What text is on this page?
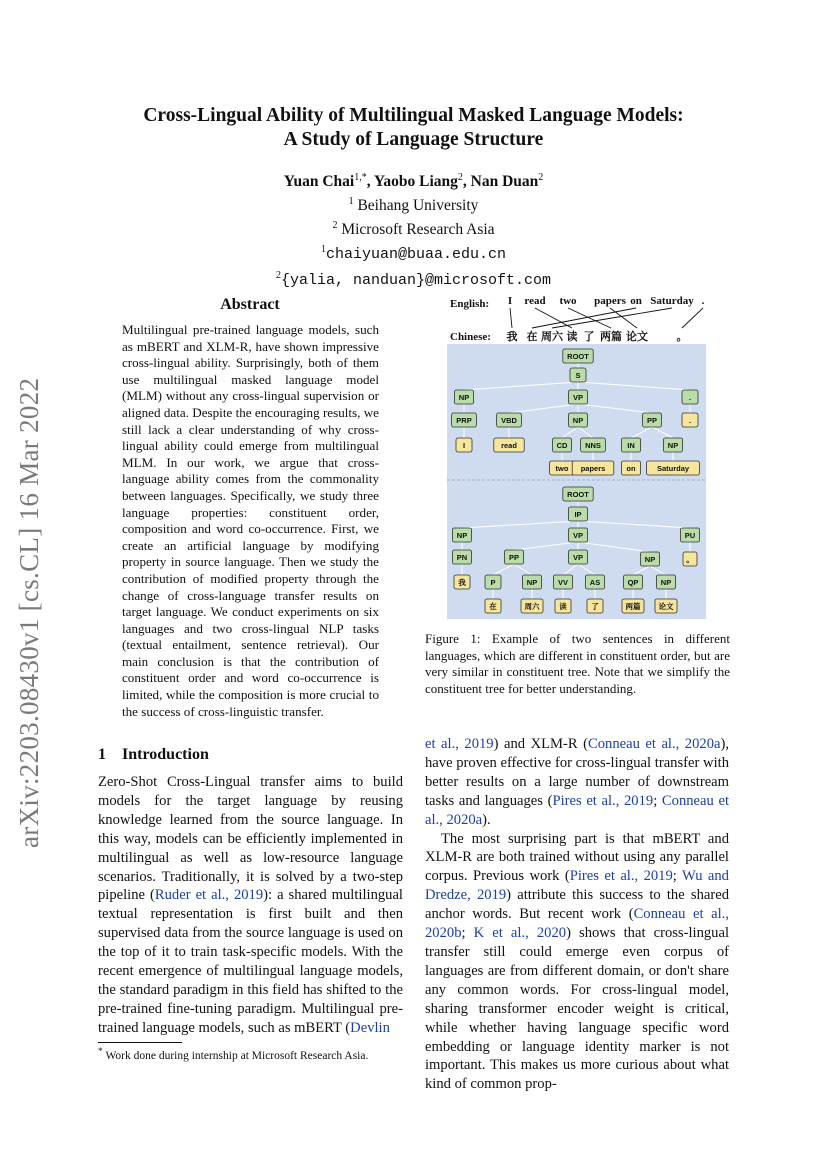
arXiv:2203.08430v1 [cs.CL] 16 Mar 2022
Cross-Lingual Ability of Multilingual Masked Language Models:
A Study of Language Structure
Yuan Chai$^{1,*}$, Yaobo Liang$^2$, Nan Duan$^2$
$^1$ Beihang University
$^2$ Microsoft Research Asia
$^1$chaiyuan@buaa.edu.cn
$^2${yalia, nanduan}@microsoft.com
Abstract
Multilingual pre-trained language models, such as mBERT and XLM-R, have shown impressive cross-lingual ability. Surprisingly, both of them use multilingual masked language model (MLM) without any cross-lingual supervision or aligned data. Despite the encouraging results, we still lack a clear understanding of why cross-lingual ability could emerge from multilingual MLM. In our work, we argue that cross-language ability comes from the commonality between languages. Specifically, we study three language properties: constituent order, composition and word co-occurrence. First, we create an artificial language by modifying property in source language. Then we study the contribution of modified property through the change of cross-language transfer results on target language. We conduct experiments on six languages and two cross-lingual NLP tasks (textual entailment, sentence retrieval). Our main conclusion is that the contribution of constituent order and word co-occurrence is limited, while the composition is more crucial to the success of cross-linguistic transfer.
1 Introduction

Zero-Shot Cross-Lingual transfer aims to build models for the target language by reusing knowledge learned from the source language. In this way, models can be efficiently implemented in multilingual as well as low-resource language scenarios. Traditionally, it is solved by a two-step pipeline (Ruder et al., 2019): a shared multilingual textual representation is first built and then supervised data from the source language is used on the top of it to train task-specific models. With the recent emergence of multilingual language models, the standard paradigm in this field has shifted to the pre-trained fine-tuning paradigm. Multilingual pre-trained language models, such as mBERT (Devlin

* Work done during internship at Microsoft Research Asia.

et al., 2019) and XLM-R (Conneau et al., 2020a), have proven effective for cross-lingual transfer with better results on a large number of downstream tasks and languages (Pires et al., 2019; Conneau et al., 2020a).

The most surprising part is that mBERT and XLM-R are both trained without using any parallel corpus. Previous work (Pires et al., 2019; Wu and Dredze, 2019) attribute this success to the shared anchor words. But recent work (Conneau et al., 2020b; K et al., 2020) shows that cross-lingual transfer still could emerge even corpus of languages are from different domain, or don't share any common words. For cross-lingual model, sharing transformer encoder weight is critical, while whether having language specific word embedding or language identity marker is not important. This makes us more curious about what kind of common prop-

English:
Chinese:
I read two papers on Saturday .
我 在 周六 读 了 两篇 论文	。
ROOT
S
NP	VP	.
PRP	VBD	NP	PP	.
I	read	CD NNS	IN	NP
two papers	on	Saturday
ROOT
IP
NP	VP	PU
PN	PP	VP	NP	。
我	P	NP	VV	AS	QP	NP
在	周六	读	了	两篇 论文
Figure 1: Example of two sentences in different languages, which are different in constituent order, but are very similar in constituent tree. Note that we simplify the constituent tree for better understanding.
